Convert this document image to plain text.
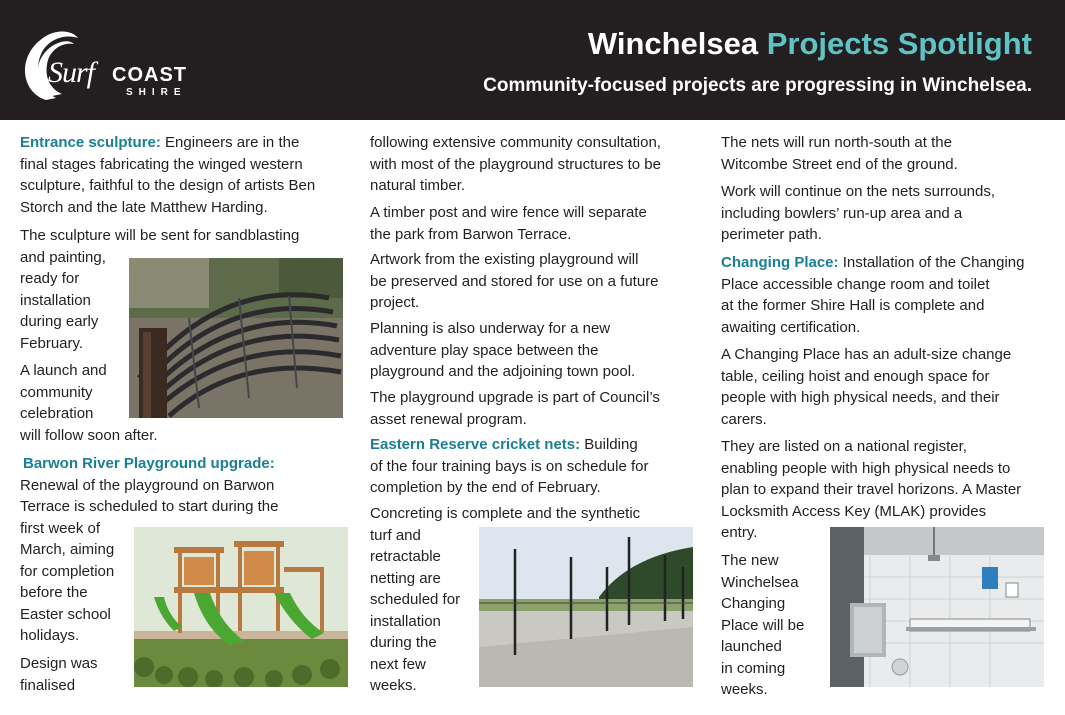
Surf COAST
SHIRE
Winchelsea Projects Spotlight
Community-focused projects are progressing in Winchelsea.

Entrance sculpture: Engineers are in the

final stages fabricating the winged western

sculpture, faithful to the design of artists Ben

Storch and the late Matthew Harding.

The sculpture will be sent for sandblasting

and painting,

ready for

installation

during early

February.

A launch and

community

celebration

will follow soon after.

Barwon River Playground upgrade:

Renewal of the playground on Barwon

Terrace is scheduled to start during the

first week of

March, aiming

for completion

before the

Easter school

holidays.

Design was

finalised

following extensive community consultation,

with most of the playground structures to be

natural timber.

A timber post and wire fence will separate

the park from Barwon Terrace.

Artwork from the existing playground will

be preserved and stored for use on a future

project.

Planning is also underway for a new

adventure play space between the

playground and the adjoining town pool.

The playground upgrade is part of Council’s

asset renewal program.

Eastern Reserve cricket nets: Building

of the four training bays is on schedule for

completion by the end of February.

Concreting is complete and the synthetic

turf and

retractable

netting are

scheduled for

installation

during the

next few

weeks.

The nets will run north-south at the

Witcombe Street end of the ground.

Work will continue on the nets surrounds,

including bowlers’ run-up area and a

perimeter path.

Changing Place: Installation of the Changing

Place accessible change room and toilet

at the former Shire Hall is complete and

awaiting certification.

A Changing Place has an adult-size change

table, ceiling hoist and enough space for

people with high physical needs, and their

carers.

They are listed on a national register,

enabling people with high physical needs to

plan to expand their travel horizons. A Master

Locksmith Access Key (MLAK) provides

entry.

The new

Winchelsea

Changing

Place will be

launched

in coming

weeks.
